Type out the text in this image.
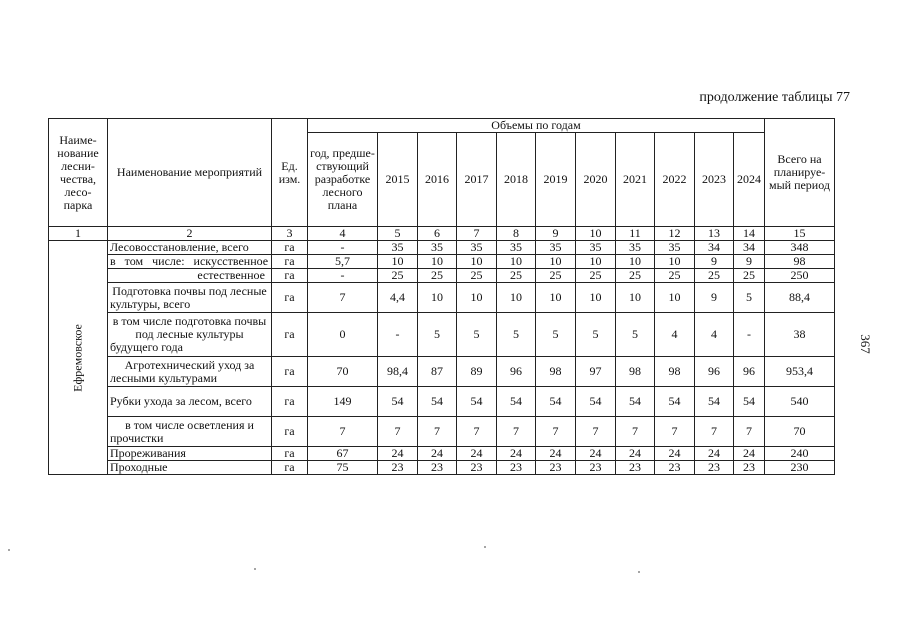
продолжение таблицы 77
367
Наиме-нование лесни-чества, лесо-парка	Наименование мероприятий	Ед. изм.	Объемы по годам											Всего на планируе-мый период
			год, предше-ствующий разработке лесного плана	2015	2016	2017	2018	2019	2020	2021	2022	2023	2024	
1	2	3	4	5	6	7	8	9	10	11	12	13	14	15

Ефремовское	Лесовосстановление, всего	га	-	35	35	35	35	35	35	35	35	34	34	348
	в том числе: искусственное	га	5,7	10	10	10	10	10	10	10	10	9	9	98
	естественное	га	-	25	25	25	25	25	25	25	25	25	25	250
	Подготовка почвы под лесные культуры, всего	га	7	4,4	10	10	10	10	10	10	10	9	5	88,4
	в том числе подготовка почвы под лесные культуры будущего года	га	0	-	5	5	5	5	5	5	4	4	-	38
	Агротехнический уход за лесными культурами	га	70	98,4	87	89	96	98	97	98	98	96	96	953,4
	Рубки ухода за лесом, всего	га	149	54	54	54	54	54	54	54	54	54	54	540
	в том числе осветления и прочистки	га	7	7	7	7	7	7	7	7	7	7	7	70
	Прореживания	га	67	24	24	24	24	24	24	24	24	24	24	240
	Проходные	га	75	23	23	23	23	23	23	23	23	23	23	230
